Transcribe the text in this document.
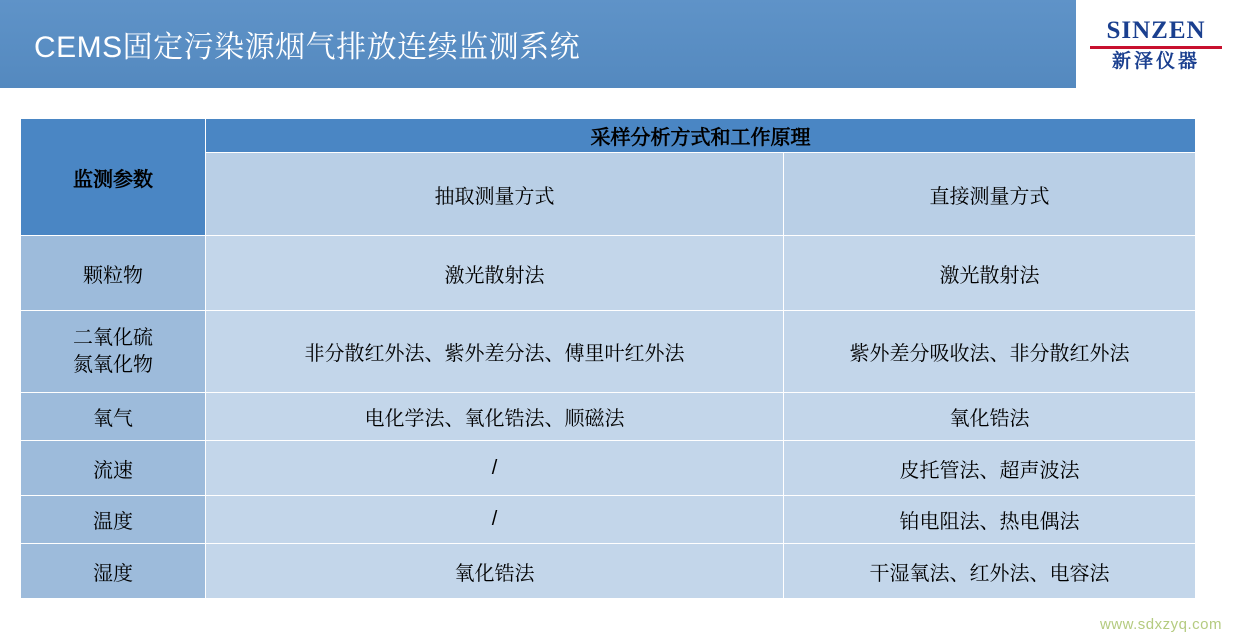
CEMS固定污染源烟气排放连续监测系统
SINZEN
新泽仪器
监测参数	采样分析方式和工作原理	
	抽取测量方式	直接测量方式
颗粒物	激光散射法	激光散射法

二氧化硫
氮氧化物	非分散红外法、紫外差分法、傅里叶红外法	紫外差分吸收法、非分散红外法
氧气	电化学法、氧化锆法、顺磁法	氧化锆法
流速	/	皮托管法、超声波法
温度	/	铂电阻法、热电偶法
湿度	氧化锆法	干湿氧法、红外法、电容法
www.sdxzyq.com
